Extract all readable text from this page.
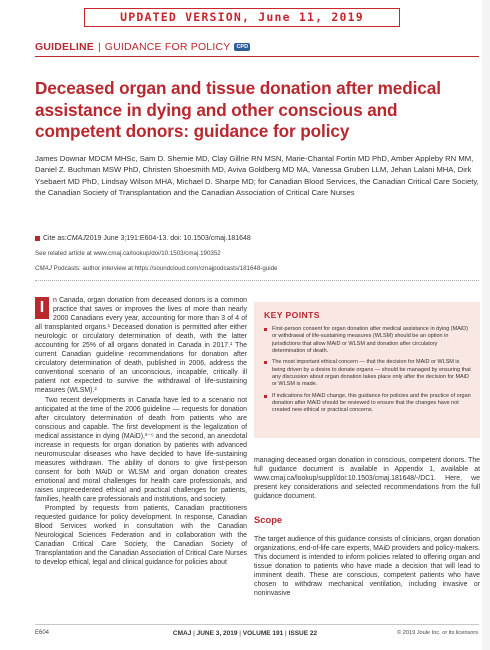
UPDATED VERSION, June 11, 2019
GUIDELINE | GUIDANCE FOR POLICY	CPD
Deceased organ and tissue donation after medical assistance in dying and other conscious and competent donors: guidance for policy

James Downar MDCM MHSc, Sam D. Shemie MD, Clay Gillrie RN MSN, Marie-Chantal Fortin MD PhD, Amber Appleby RN MM, Daniel Z. Buchman MSW PhD, Christen Shoesmith MD, Aviva Goldberg MD MA, Vanessa Gruben LLM, Jehan Lalani MHA, Dirk Ysebaert MD PhD, Lindsay Wilson MHA, Michael D. Sharpe MD; for Canadian Blood Services, the Canadian Critical Care Society, the Canadian Society of Transplantation and the Canadian Association of Critical Care Nurses

Cite as: CMAJ 2019 June 3;191:E604-13. doi: 10.1503/cmaj.181648
See related article at www.cmaj.ca/lookup/doi/10.1503/cmaj.190352
CMAJ Podcasts: author interview at https://soundcloud.com/cmajpodcasts/181648-guide

I	n Canada, organ donation from deceased donors is a common practice that saves or improves the lives of more than nearly 2000 Canadians every year, accounting for more than 3 of 4 of all transplanted organs.¹ Deceased donation is permitted after either neurologic or circulatory determination of death, with the latter accounting for 25% of all organs donated in Canada in 2017.¹ The current Canadian guideline recommendations for donation after circulatory determination of death, published in 2006, address the conventional scenario of an unconscious, incapable, critically ill patient not expected to survive the withdrawal of life-sustaining measures (WLSM).²

Two recent developments in Canada have led to a scenario not anticipated at the time of the 2006 guideline — requests for donation after circulatory determination of death from patients who are conscious and capable. The first development is the legalization of medical assistance in dying (MAiD),³⁻⁵ and the second, an anecdotal increase in requests for organ donation by patients with advanced neuromuscular diseases who have decided to have life-sustaining measures withdrawn. The ability of donors to give first-person consent for both MAiD or WLSM and organ donation creates emotional and moral challenges for health care professionals, and raises unprecedented ethical and practical challenges for patients, families, health care professionals and institutions, and society.

Prompted by requests from patients, Canadian practitioners requested guidance for policy development. In response, Canadian Blood Services worked in consultation with the Canadian Neurological Sciences Federation and in collaboration with the Canadian Critical Care Society, the Canadian Society of Transplantation and the Canadian Association of Critical Care Nurses to develop ethical, legal and clinical guidance for policies about

KEY POINTS
First-person consent for organ donation after medical assistance in dying (MAiD) or withdrawal of life-sustaining measures (WLSM) should be an option in jurisdictions that allow MAiD or WLSM and donation after circulatory determination of death.
The most important ethical concern — that the decision for MAiD or WLSM is being driven by a desire to donate organs — should be managed by ensuring that any discussion about organ donation takes place only after the decision for MAiD or WLSM is made.
If indications for MAiD change, this guidance for policies and the practice of organ donation after MAiD should be reviewed to ensure that the changes have not created new ethical or practical concerns.

managing deceased organ donation in conscious, competent donors. The full guidance document is available in Appendix 1, available at www.cmaj.ca/lookup/suppl/doi:10.1503/cmaj.181648/-/DC1. Here, we present key considerations and selected recommendations from the full guidance document.

Scope

The target audience of this guidance consists of clinicians, organ donation organizations, end-of-life care experts, MAiD providers and policy-makers. This document is intended to inform policies related to offering organ and tissue donation to patients who have made a decision that will lead to imminent death. These are conscious, competent patients who have chosen to withdraw mechanical ventilation, including invasive or noninvasive

E604	CMAJ | JUNE 3, 2019 | VOLUME 191 | ISSUE 22	© 2019 Joule Inc. or its licensors
